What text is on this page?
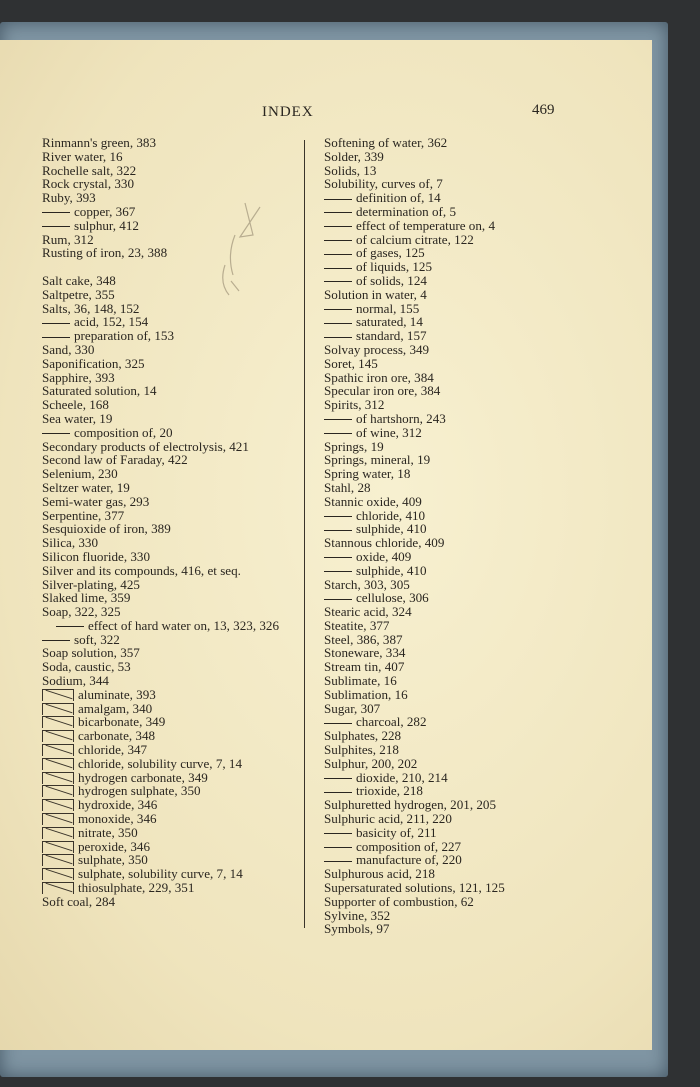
INDEX	469
Rinmann's green, 383
River water, 16
Rochelle salt, 322
Rock crystal, 330
Ruby, 393
copper, 367
sulphur, 412
Rum, 312
Rusting of iron, 23, 388
Salt cake, 348
Saltpetre, 355
Salts, 36, 148, 152
acid, 152, 154
preparation of, 153
Sand, 330
Saponification, 325
Sapphire, 393
Saturated solution, 14
Scheele, 168
Sea water, 19
composition of, 20
Secondary products of electrolysis, 421
Second law of Faraday, 422
Selenium, 230
Seltzer water, 19
Semi-water gas, 293
Serpentine, 377
Sesquioxide of iron, 389
Silica, 330
Silicon fluoride, 330
Silver and its compounds, 416, et seq.
Silver-plating, 425
Slaked lime, 359
Soap, 322, 325
effect of hard water on, 13, 323, 326
soft, 322
Soap solution, 357
Soda, caustic, 53
Sodium, 344
aluminate, 393
amalgam, 340
bicarbonate, 349
carbonate, 348
chloride, 347
chloride, solubility curve, 7, 14
hydrogen carbonate, 349
hydrogen sulphate, 350
hydroxide, 346
monoxide, 346
nitrate, 350
peroxide, 346
sulphate, 350
sulphate, solubility curve, 7, 14
thiosulphate, 229, 351
Soft coal, 284
Softening of water, 362
Solder, 339
Solids, 13
Solubility, curves of, 7
definition of, 14
determination of, 5
effect of temperature on, 4
of calcium citrate, 122
of gases, 125
of liquids, 125
of solids, 124
Solution in water, 4
normal, 155
saturated, 14
standard, 157
Solvay process, 349
Soret, 145
Spathic iron ore, 384
Specular iron ore, 384
Spirits, 312
of hartshorn, 243
of wine, 312
Springs, 19
Springs, mineral, 19
Spring water, 18
Stahl, 28
Stannic oxide, 409
chloride, 410
sulphide, 410
Stannous chloride, 409
oxide, 409
sulphide, 410
Starch, 303, 305
cellulose, 306
Stearic acid, 324
Steatite, 377
Steel, 386, 387
Stoneware, 334
Stream tin, 407
Sublimate, 16
Sublimation, 16
Sugar, 307
charcoal, 282
Sulphates, 228
Sulphites, 218
Sulphur, 200, 202
dioxide, 210, 214
trioxide, 218
Sulphuretted hydrogen, 201, 205
Sulphuric acid, 211, 220
basicity of, 211
composition of, 227
manufacture of, 220
Sulphurous acid, 218
Supersaturated solutions, 121, 125
Supporter of combustion, 62
Sylvine, 352
Symbols, 97
